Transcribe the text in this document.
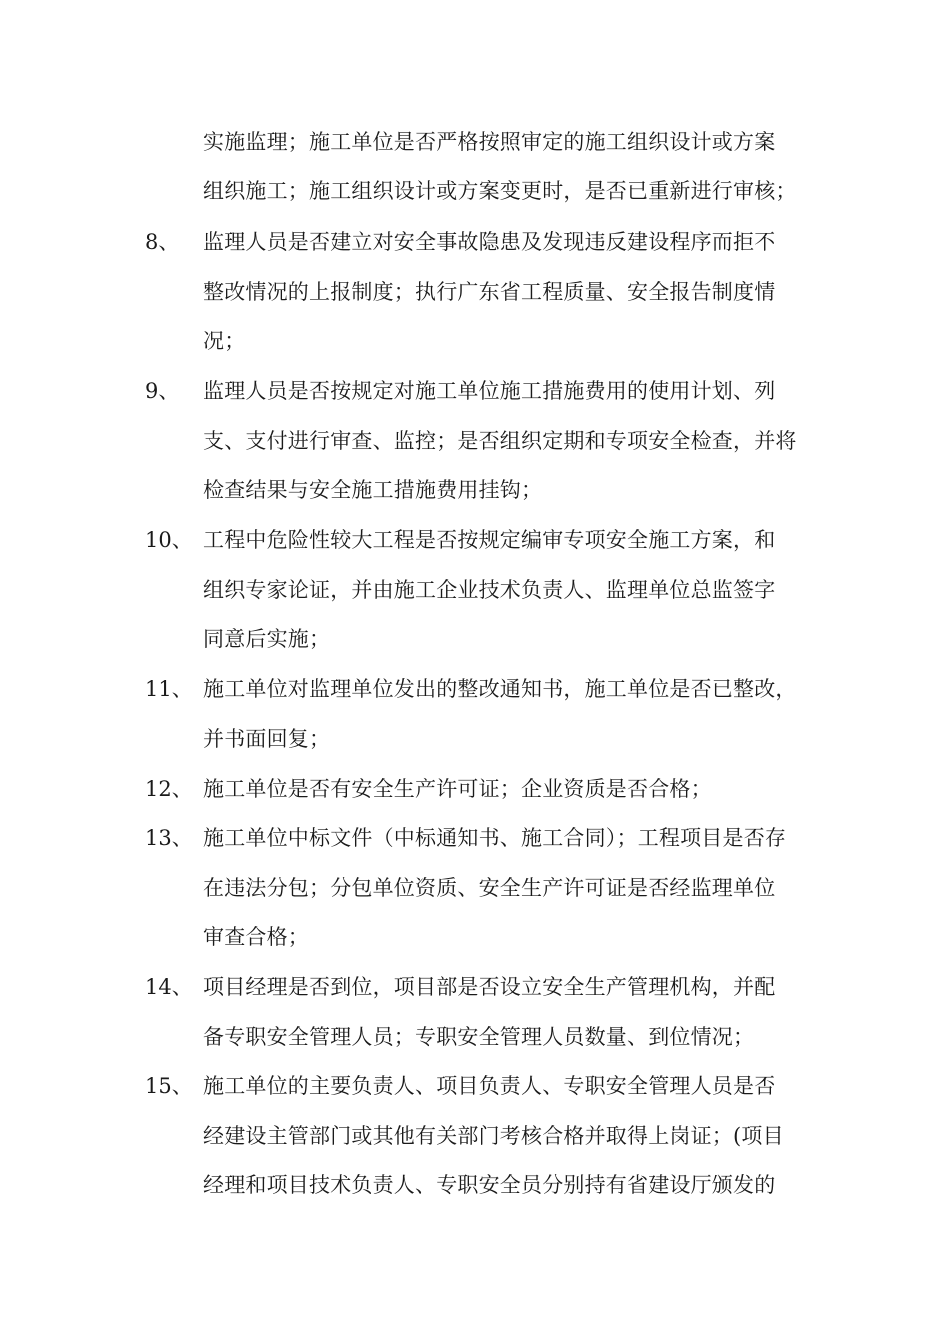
实施监理；施工单位是否严格按照审定的施工组织设计或方案
组织施工；施工组织设计或方案变更时，是否已重新进行审核；
8、 监理人员是否建立对安全事故隐患及发现违反建设程序而拒不
整改情况的上报制度；执行广东省工程质量、安全报告制度情
况；
9、 监理人员是否按规定对施工单位施工措施费用的使用计划、列
支、支付进行审查、监控；是否组织定期和专项安全检查，并将
检查结果与安全施工措施费用挂钩；
10、 工程中危险性较大工程是否按规定编审专项安全施工方案，和
组织专家论证，并由施工企业技术负责人、监理单位总监签字
同意后实施；
11、 施工单位对监理单位发出的整改通知书，施工单位是否已整改，
并书面回复；
12、 施工单位是否有安全生产许可证；企业资质是否合格；
13、 施工单位中标文件（中标通知书、施工合同）；工程项目是否存
在违法分包；分包单位资质、安全生产许可证是否经监理单位
审查合格；
14、 项目经理是否到位，项目部是否设立安全生产管理机构，并配
备专职安全管理人员；专职安全管理人员数量、到位情况；
15、 施工单位的主要负责人、项目负责人、专职安全管理人员是否
经建设主管部门或其他有关部门考核合格并取得上岗证；(项目
经理和项目技术负责人、专职安全员分别持有省建设厅颁发的
